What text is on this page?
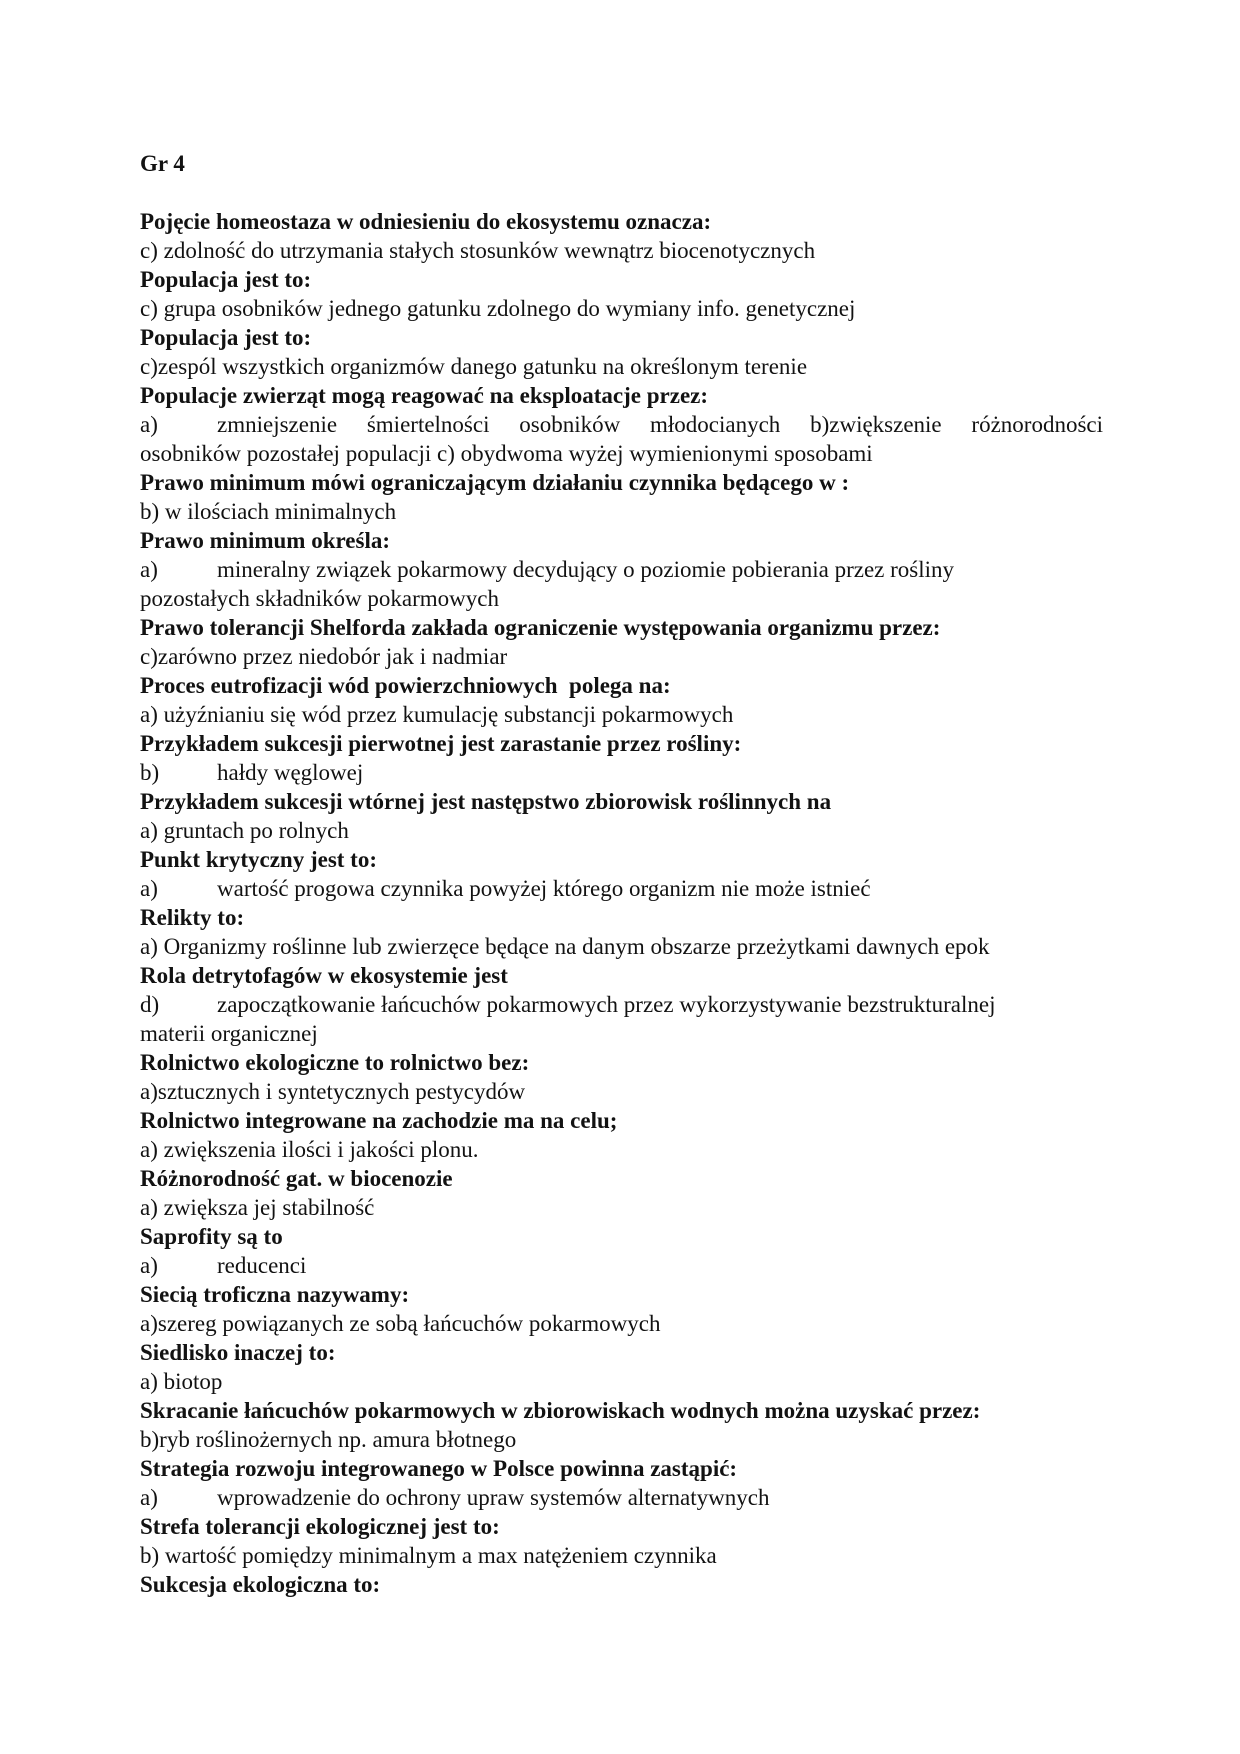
Gr 4

Pojęcie homeostaza w odniesieniu do ekosystemu oznacza:

c) zdolność do utrzymania stałych stosunków wewnątrz biocenotycznych

Populacja jest to:

c) grupa osobników jednego gatunku zdolnego do wymiany info. genetycznej

Populacja jest to:

c)zespól wszystkich organizmów danego gatunku na określonym terenie

Populacje zwierząt mogą reagować na eksploatacje przez:

a)	zmniejszenie śmiertelności osobników młodocianych b)zwiększenie różnorodności
osobników pozostałej populacji c) obydwoma wyżej wymienionymi sposobami

Prawo minimum mówi ograniczającym działaniu czynnika będącego w :

b) w ilościach minimalnych

Prawo minimum określa:

a)	mineralny związek pokarmowy decydujący o poziomie pobierania przez rośliny
pozostałych składników pokarmowych

Prawo tolerancji Shelforda zakłada ograniczenie występowania organizmu przez:

c)zarówno przez niedobór jak i nadmiar

Proces eutrofizacji wód powierzchniowych  polega na:

a) użyźnianiu się wód przez kumulację substancji pokarmowych

Przykładem sukcesji pierwotnej jest zarastanie przez rośliny:

b)	hałdy węglowej

Przykładem sukcesji wtórnej jest następstwo zbiorowisk roślinnych na

a) gruntach po rolnych

Punkt krytyczny jest to:

a)	wartość progowa czynnika powyżej którego organizm nie może istnieć

Relikty to:

a) Organizmy roślinne lub zwierzęce będące na danym obszarze przeżytkami dawnych epok

Rola detrytofagów w ekosystemie jest

d)	zapoczątkowanie łańcuchów pokarmowych przez wykorzystywanie bezstrukturalnej
materii organicznej

Rolnictwo ekologiczne to rolnictwo bez:

a)sztucznych i syntetycznych pestycydów

Rolnictwo integrowane na zachodzie ma na celu;

a) zwiększenia ilości i jakości plonu.

Różnorodność gat. w biocenozie

a) zwiększa jej stabilność

Saprofity są to

a)	reducenci

Siecią troficzna nazywamy:

a)szereg powiązanych ze sobą łańcuchów pokarmowych

Siedlisko inaczej to:

a) biotop

Skracanie łańcuchów pokarmowych w zbiorowiskach wodnych można uzyskać przez:

b)ryb roślinożernych np. amura błotnego

Strategia rozwoju integrowanego w Polsce powinna zastąpić:

a)	wprowadzenie do ochrony upraw systemów alternatywnych

Strefa tolerancji ekologicznej jest to:

b) wartość pomiędzy minimalnym a max natężeniem czynnika

Sukcesja ekologiczna to:
